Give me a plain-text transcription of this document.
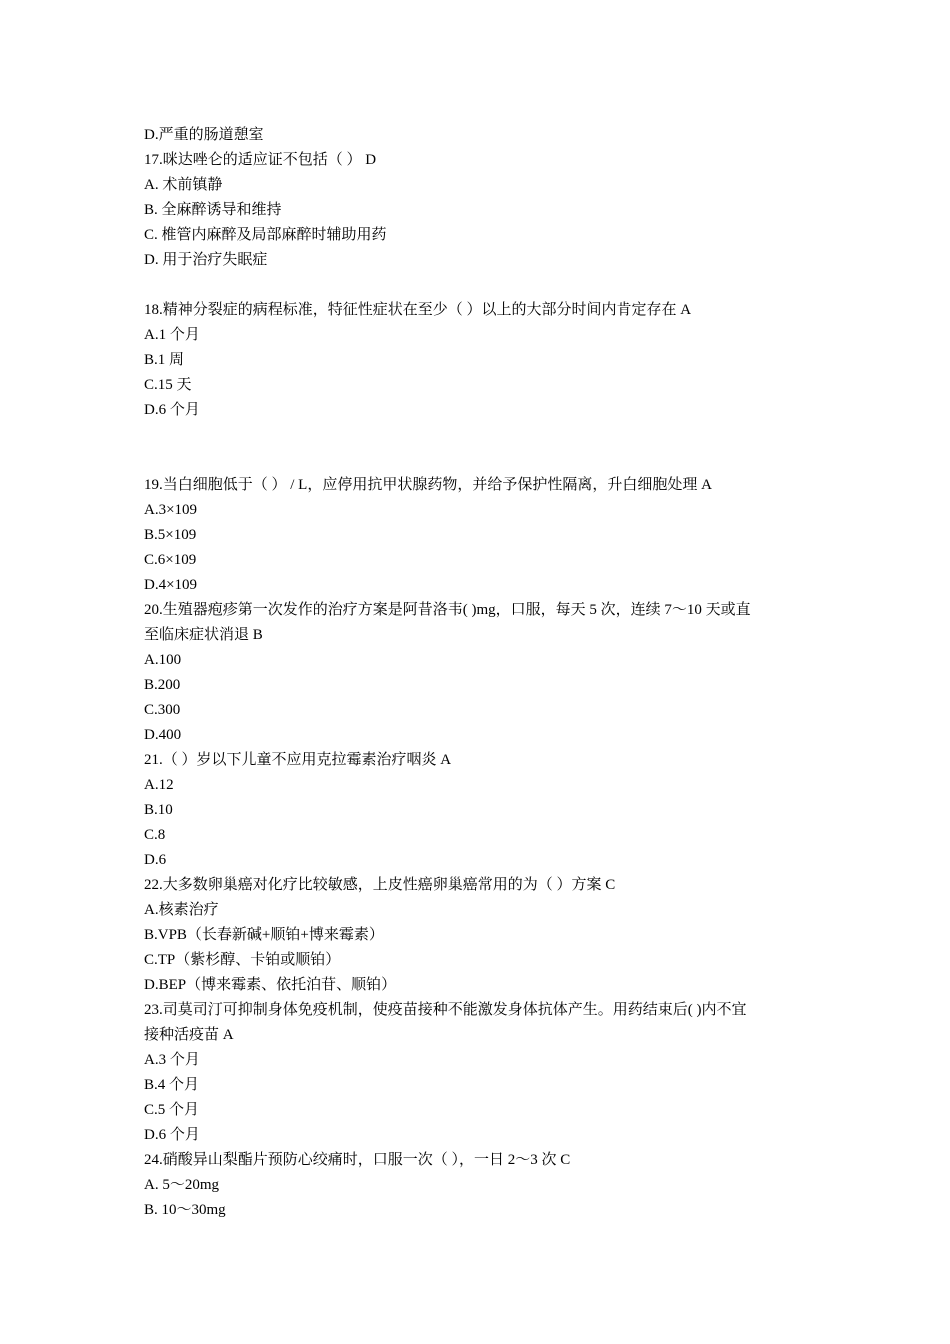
D.严重的肠道憩室
17.咪达唑仑的适应证不包括（ ） D
A. 术前镇静
B. 全麻醉诱导和维持
C. 椎管内麻醉及局部麻醉时辅助用药
D. 用于治疗失眠症
18.精神分裂症的病程标准，特征性症状在至少（ ）以上的大部分时间内肯定存在 A
A.1 个月
B.1 周
C.15 天
D.6 个月
19.当白细胞低于（ ） / L，应停用抗甲状腺药物，并给予保护性隔离，升白细胞处理 A
A.3×109
B.5×109
C.6×109
D.4×109
20.生殖器疱疹第一次发作的治疗方案是阿昔洛韦( )mg，口服，每天 5 次，连续 7～10 天或直
至临床症状消退 B
A.100
B.200
C.300
D.400
21.（ ）岁以下儿童不应用克拉霉素治疗咽炎 A
A.12
B.10
C.8
D.6
22.大多数卵巢癌对化疗比较敏感，上皮性癌卵巢癌常用的为（ ）方案 C
A.核素治疗
B.VPB（长春新碱+顺铂+博来霉素）
C.TP（紫杉醇、卡铂或顺铂）
D.BEP（博来霉素、依托泊苷、顺铂）
23.司莫司汀可抑制身体免疫机制，使疫苗接种不能激发身体抗体产生。用药结束后( )内不宜
接种活疫苗 A
A.3 个月
B.4 个月
C.5 个月
D.6 个月
24.硝酸异山梨酯片预防心绞痛时，口服一次（ ），一日 2～3 次 C
A. 5～20mg
B. 10～30mg
